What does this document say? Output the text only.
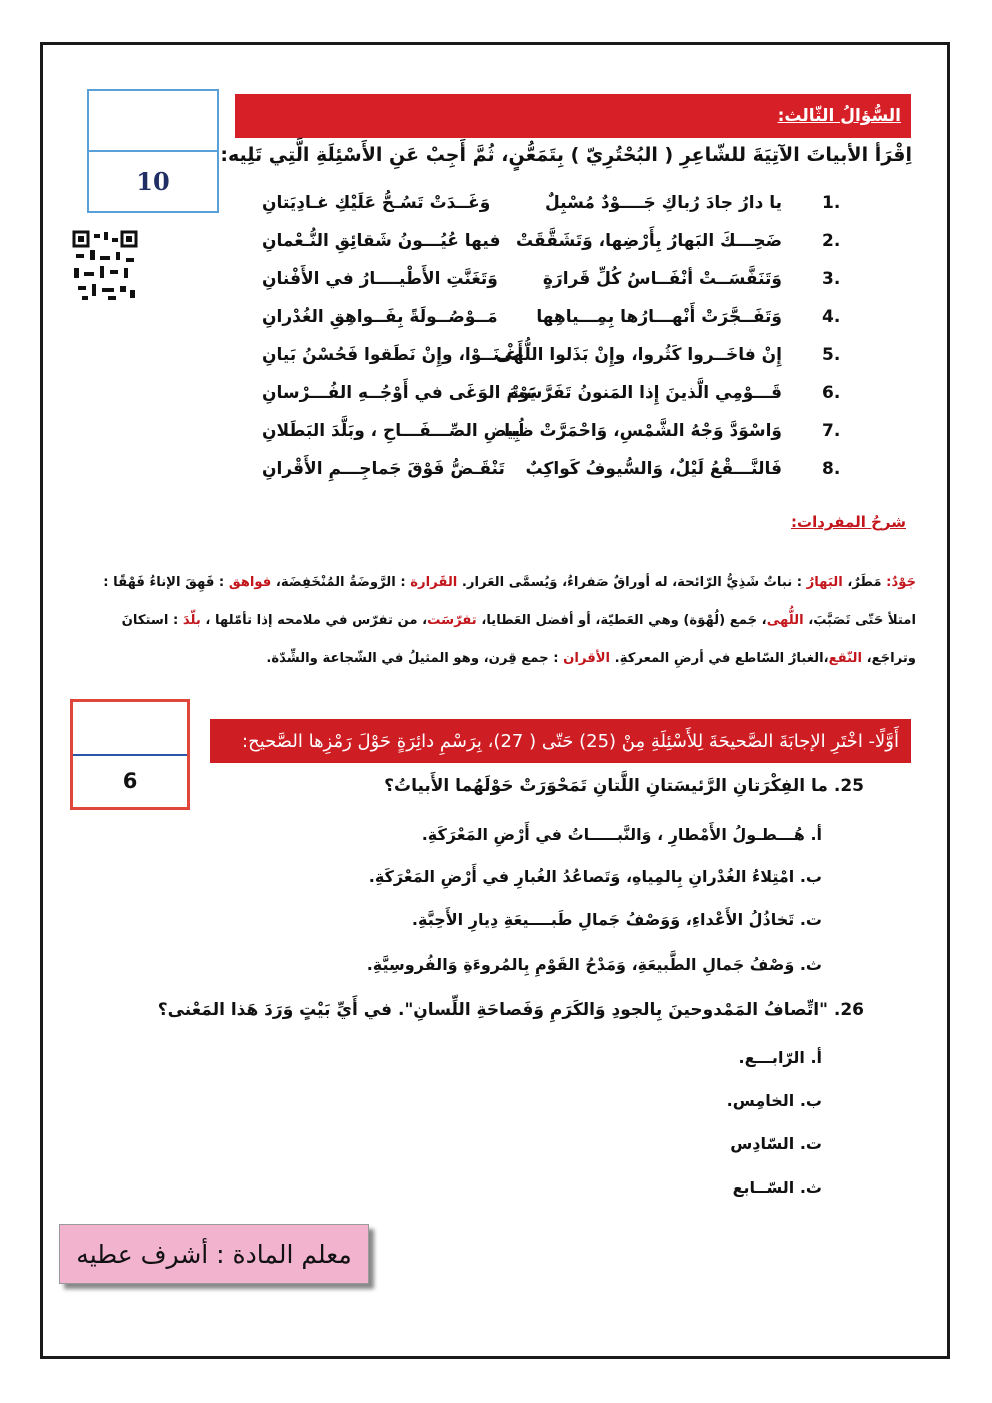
10
السُّؤالُ الثّالث:
اِقْرَأ الأبياتَ الآتِيَةَ للشّاعِرِ ( البُحْتُرِيّ ) بِتَمَعُّنٍ، ثُمَّ أَجِبْ عَنِ الأَسْئِلَةِ الَّتِي تَلِيه:
.1
يا دارُ جادَ رُباكِ جَــــوْدٌ مُسْبِلٌ
وَغَــدَتْ تَسُـحُّ عَلَيْكِ غـادِيَتانِ
.2
ضَحِـــكَ البَهارُ بِأَرْضِها، وَتَشَقَّقَتْ
فيها عُيُـــونُ شَقائِقِ النُّـعْمانِ
.3
وَتَنَفَّسَــتْ أنْفَــاسُ كُلِّ قَرارَةٍ
وَتَغَنَّتِ الأَطْيــــارُ في الأَفْنانِ
.4
وَتَفَــجَّرَتْ أَنْهـــارُها بِمِـــياهِها
مَــوْصُــولَةً بِفَــواهِقِ الغُدْرانِ
.5
إِنْ فاخَــروا كَثُروا، وإِنْ بَذَلوا اللُّهى
أَغْـنَــوْا، وإِنْ نَطَقوا فَحُسْنُ بَيانِ
.6
قَـــوْمِي الَّذينَ إِذا المَنونُ تَفَرَّسَتْ
يَوْمَ الوَغَى في أَوْجُــهِ الفُـــرْسانِ
.7
وَاسْوَدَّ وَجْهُ الشَّمْسِ، وَاحْمَرَّتْ ظُبا
بِيضِ الصِّـــفَـــاحِ ، وبَلَّدَ البَطَلانِ
.8
فَالنَّـــقْعُ لَيْلٌ، وَالسُّيوفُ كَواكِبٌ
تَنْقَـضُّ فَوْقَ جَماجِـــمِ الأَقْرانِ
شرحُ المفردات:
جَوْدٌ: مَطَرٌ، البَهارُ : نباتٌ شَذِيُّ الرّائحة، له أوراقٌ صَفراءُ، وَيُسمَّى العَرار. القَرارة : الرَّوضَةُ المُنْخَفِضَة، فواهق : فَهِقَ الإناءُ فَهْقًا : امتلأ حَتّى تَصَبَّبَ، اللُّهى، جَمع (لُهْوَة) وهي العَطيّة، أو أفضل العَطايا، تفرّسَت، من تفرّس في ملامحه إذا تأمّلها ، بلّدَ : استكانَ وتراجَع، النّقع،الغبارُ السّاطع في أرضِ المعركةِ. الأقران : جمع قِرن، وهو المثيلُ في الشّجاعة والشِّدّة.
6
أَوَّلًا- اخْتَرِ الإجابَةَ الصَّحيحَةَ لِلأَسْئِلَةِ مِنْ (25) حَتّى ( 27)، بِرَسْمِ دائِرَةٍ حَوْلَ رَمْزِها الصَّحيح:
25. ما الفِكْرَتانِ الرَّئيسَتانِ اللَّتانِ تَمَحْوَرَتْ حَوْلَهُما الأَبياتُ؟
أ. هُـــطـولُ الأَمْطارِ ، وَالنَّبـــــاتُ في أَرْضِ المَعْرَكَةِ.
ب. امْتِلاءُ الغُدْرانِ بِالمِياهِ، وَتَصاعُدُ الغُبارِ في أَرْضِ المَعْرَكَةِ.
ت. تَخاذُلُ الأَعْداءِ، وَوَصْفُ جَمالِ طَبــــيعَةِ دِيارِ الأَحِبَّةِ.
ث. وَصْفُ جَمالِ الطَّبيعَةِ، وَمَدْحُ القَوْمِ بِالمُروءَةِ وَالفُروسِيَّةِ.
26. "اتِّصافُ المَمْدوحينَ بِالجودِ وَالكَرَمِ وَفَصاحَةِ اللِّسانِ". في أَيِّ بَيْتٍ وَرَدَ هَذا المَعْنى؟
أ. الرّابـــع.
ب. الخامِس.
ت. السّادِس
ث. السّــابع
معلم المادة : أشرف عطيه
